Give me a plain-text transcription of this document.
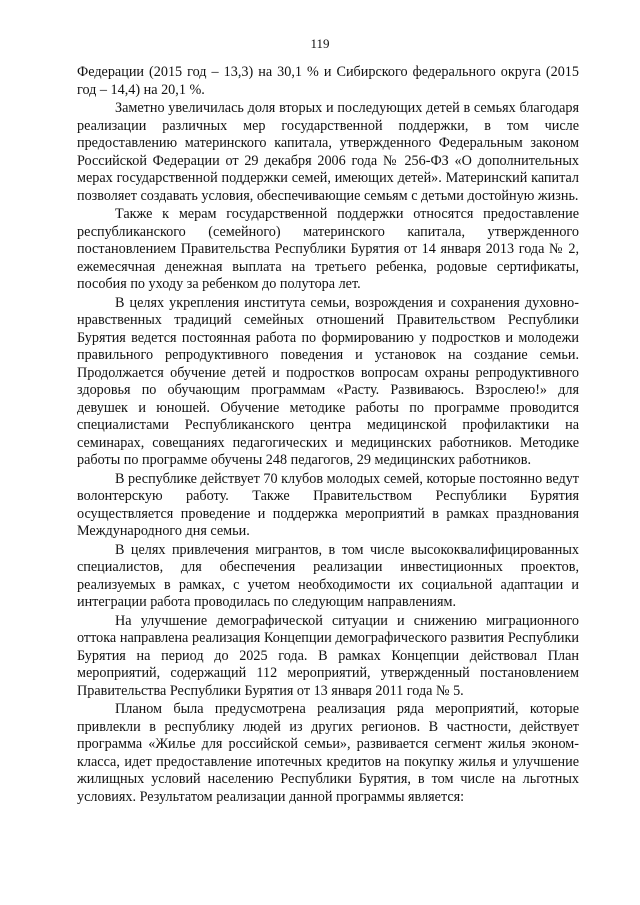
119

Федерации (2015 год – 13,3) на 30,1 % и Сибирского федерального округа (2015 год – 14,4) на 20,1 %.

Заметно увеличилась доля вторых и последующих детей в семьях благодаря реализации различных мер государственной поддержки, в том числе предоставлению материнского капитала, утвержденного Федеральным законом Российской Федерации от 29 декабря 2006 года № 256-ФЗ «О дополнительных мерах государственной поддержки семей, имеющих детей». Материнский капитал позволяет создавать условия, обеспечивающие семьям с детьми достойную жизнь.

Также к мерам государственной поддержки относятся предоставление республиканского (семейного) материнского капитала, утвержденного постановлением Правительства Республики Бурятия от 14 января 2013 года № 2, ежемесячная денежная выплата на третьего ребенка, родовые сертификаты, пособия по уходу за ребенком до полутора лет.

В целях укрепления института семьи, возрождения и сохранения духовно-нравственных традиций семейных отношений Правительством Республики Бурятия ведется постоянная работа по формированию у подростков и молодежи правильного репродуктивного поведения и установок на создание семьи. Продолжается обучение детей и подростков вопросам охраны репродуктивного здоровья по обучающим программам «Расту. Развиваюсь. Взрослею!» для девушек и юношей. Обучение методике работы по программе проводится специалистами Республиканского центра медицинской профилактики на семинарах, совещаниях педагогических и медицинских работников. Методике работы по программе обучены 248 педагогов, 29 медицинских работников.

В республике действует 70 клубов молодых семей, которые постоянно ведут волонтерскую работу. Также Правительством Республики Бурятия осуществляется проведение и поддержка мероприятий в рамках празднования Международного дня семьи.

В целях привлечения мигрантов, в том числе высококвалифицированных специалистов, для обеспечения реализации инвестиционных проектов, реализуемых в рамках, с учетом необходимости их социальной адаптации и интеграции работа проводилась по следующим направлениям.

На улучшение демографической ситуации и снижению миграционного оттока направлена реализация Концепции демографического развития Республики Бурятия на период до 2025 года. В рамках Концепции действовал План мероприятий, содержащий 112 мероприятий, утвержденный постановлением Правительства Республики Бурятия от 13 января 2011 года № 5.

Планом была предусмотрена реализация ряда мероприятий, которые привлекли в республику людей из других регионов. В частности, действует программа «Жилье для российской семьи», развивается сегмент жилья эконом-класса, идет предоставление ипотечных кредитов на покупку жилья и улучшение жилищных условий населению Республики Бурятия, в том числе на льготных условиях. Результатом реализации данной программы является:
